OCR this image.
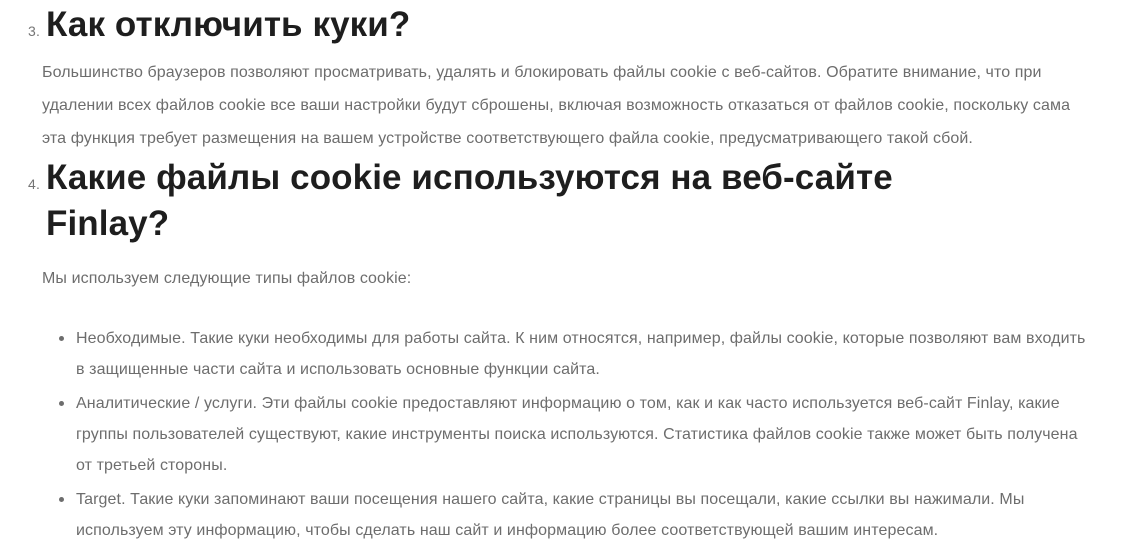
3. Как отключить куки?

Большинство браузеров позволяют просматривать, удалять и блокировать файлы cookie с веб-сайтов. Обратите внимание, что при удалении всех файлов cookie все ваши настройки будут сброшены, включая возможность отказаться от файлов cookie, поскольку сама эта функция требует размещения на вашем устройстве соответствующего файла cookie, предусматривающего такой сбой.

4. Какие файлы cookie используются на веб-сайте
Finlay?

Мы используем следующие типы файлов cookie:

Необходимые. Такие куки необходимы для работы сайта. К ним относятся, например, файлы cookie, которые позволяют вам входить в защищенные части сайта и использовать основные функции сайта.
Аналитические / услуги. Эти файлы cookie предоставляют информацию о том, как и как часто используется веб-сайт Finlay, какие группы пользователей существуют, какие инструменты поиска используются. Статистика файлов cookie также может быть получена от третьей стороны.
Target. Такие куки запоминают ваши посещения нашего сайта, какие страницы вы посещали, какие ссылки вы нажимали. Мы используем эту информацию, чтобы сделать наш сайт и информацию более соответствующей вашим интересам.
